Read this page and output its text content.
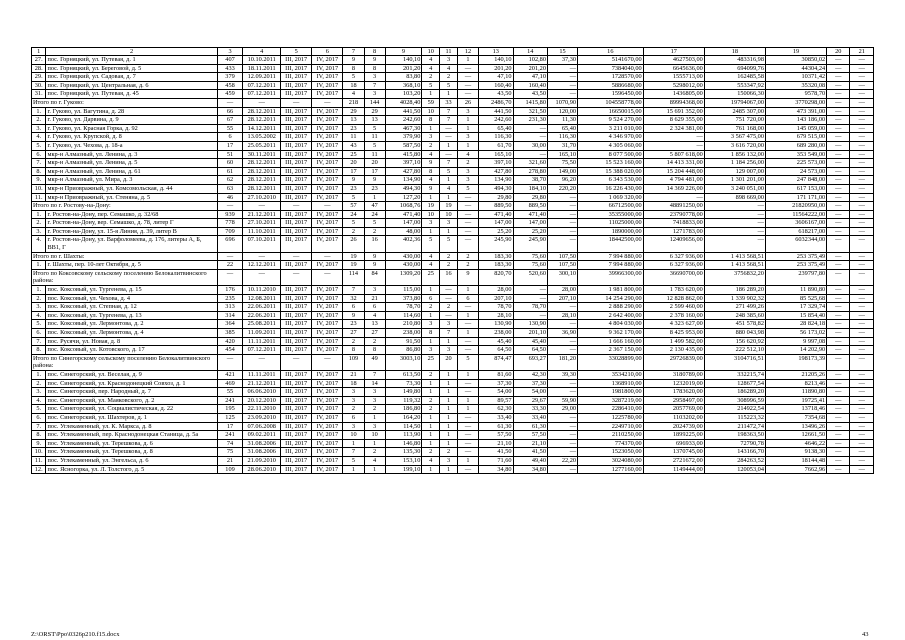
1	2	3	4	5	6	7	8	9	10	11	12	13	14	15	16	17	18	19	20	21
27.	пос. Горняцкий, ул. Путевая, д. 1	407	10.10.2011	III, 2017	IV, 2017	9	9	140,10	4	3	1	140,10	102,80	37,30	5141670,00	4627503,00	483316,98	30850,02	—	—
28.	пос. Горняцкий, ул. Береговой, д. 5	433	18.11.2011	III, 2017	IV, 2017	8	8	201,20	4	4	—	201,20	201,20	—	7384040,00	6645636,00	694099,76	44304,24	—	—
29.	пос. Горняцкий, ул. Садовая, д. 7	379	12.09.2011	III, 2017	IV, 2017	5	3	83,80	2	2	—	47,10	47,10	—	1728570,00	1555713,00	162485,58	10371,42	—	—
30.	пос. Горняцкий, ул. Центральная, д. 6	458	07.12.2011	III, 2017	IV, 2017	18	7	368,10	5	5	—	160,40	160,40	—	5886680,00	5298012,00	553347,92	35320,08	—	—
31.	пос. Горняцкий, ул. Путевая, д. 45	459	07.12.2011	III, 2017	IV, 2017	4	3	103,20	1	1	—	43,50	43,50	—	1596450,00	1436805,00	150066,30	9578,70	—	—
Итого по г. Гуково:		—	—	—	—	218	144	4028,40	59	33	26	2486,70	1415,80	1070,90	104558778,00	89994368,00	19794067,00	3770298,00	—	—
1.	г. Гуково, ул. Вагутина, д. 28	66	28.12.2011	III, 2017	IV, 2017	29	29	441,50	10	7	3	441,50	321,50	120,00	16650015,00	15 691 352,00	2485 307,00	473 391,00	—	—
2.	г. Гуково, ул. Дарвина, д. 9	67	28.12.2011	III, 2017	IV, 2017	13	13	242,60	8	7	1	242,60	231,30	11,30	9 524 270,00	8 629 355,00	751 720,00	143 186,00	—	—
3.	г. Гуково, ул. Красная Горка, д. 92	55	14.12.2011	III, 2017	IV, 2017	23	5	467,30	1	—	1	65,40	—	65,40	3 211 010,00	2 324 381,00	761 168,00	145 059,00	—	—
4.	г. Гуково, ул. Крупской, д. 8	6	13.05.2002	III, 2017	IV, 2017	11	11	379,90	3	—	3	116,30	—	116,30	4 346 970,00	—	3 567 475,00	679 515,00	—	—
5.	г. Гуково, ул. Чехова, д. 18-а	17	25.05.2011	III, 2017	IV, 2017	43	5	587,50	2	1	1	61,70	30,00	31,70	4 305 060,00	—	3 616 720,00	689 280,00	—	—
6.	мкр-н Алмазный, ул. Ленина, д. 3	51	30.11.2011	III, 2017	IV, 2017	25	11	415,80	4	—	4	165,10	—	165,10	8 077 500,00	5 807 618,00	1 856 132,00	353 549,00	—	—
7.	мкр-н Алмазный, ул. Ленина, д. 5	60	28.12.2011	III, 2017	IV, 2017	20	20	397,10	9	7	2	397,10	321,60	75,50	15 523 160,00	14 413 331,00	1 184 256,00	225 573,00	—	—
8.	мкр-н Алмазный, ул. Ленина, д. 61	61	28.12.2011	III, 2017	IV, 2017	17	17	427,80	8	5	3	427,80	278,80	149,00	15 388 020,00	15 204 448,00	129 007,00	24 573,00	—	—
9.	мкр-н Алмазный, ул. Мира, д. 3	62	28.12.2011	III, 2017	IV, 2017	9	9	134,90	4	1	3	134,90	38,70	96,20	6 343 530,00	4 794 481,00	1 301 201,00	247 848,00	—	—
10.	мкр-н Приовражный, ул. Комсомольская, д. 44	63	28.12.2011	III, 2017	IV, 2017	23	23	494,30	9	4	5	494,30	184,10	220,20	16 226 430,00	14 369 226,00	3 240 051,00	617 153,00	—	—
11.	мкр-н Приовражный, ул. Стеняна, д. 5	46	27.10.2010	III, 2017	IV, 2017	5	1	127,20	1	1	—	29,80	29,80	—	1 069 320,00	—	898 669,00	171 171,00	—	—
Итого по г. Ростову-на-Дону:		—	—	—	—	57	47	1068,76	19	19	—	889,50	889,50	—	66712500,00	48891250,00	—	21820950,00	—	—
1.	г. Ростов-на-Дону, пер. Семашко, д. 32/68	939	21.12.2011	III, 2017	IV, 2017	24	24	471,40	10	10	—	471,40	471,40	—	35355000,00	23790778,00	—	11564222,00	—	—
2.	г. Ростов-на-Дону, вер. Семашко, д. 78, литер Г	778	27.10.2011	III, 2017	IV, 2017	5	5	147,00	3	3	—	147,00	147,00	—	11025000,00	7418833,00	—	3606167,00	—	—
3.	г. Ростов-на-Дону, ул. 15-я Линия, д. 39, литер В	709	11.10.2011	III, 2017	IV, 2017	2	2	48,00	1	1	—	25,20	25,20	—	1890000,00	1271783,00	—	618217,00	—	—
4.	г. Ростов-на-Дону, ул. Варфоломеева, д. 176, литеры А, Б, ВВ1, Г	696	07.10.2011	III, 2017	IV, 2017	26	16	402,36	5	5	—	245,90	245,90	—	18442500,00	12409656,00	—	6032344,00	—	—
Итого по г. Шахты:		—	—	—	—	19	9	430,00	4	2	2	183,30	75,60	107,50	7 994 880,00	6 327 936,00	1 413 568,51	253 375,49	—	—
1.	г. Шахты, пер. 10-лет Октября, д. 5	22	12.12.2011	III, 2017	IV, 2017	19	9	430,00	4	2	2	183,30	75,60	107,50	7 994 880,00	6 327 936,00	1 413 568,51	253 375,49	—	—
Итого по Коксовскому сельскому поселению Белокалитвинского района:		—	—	—	—	114	84	1309,20	25	16	9	820,70	520,60	300,10	39966300,00	36690700,00	3756832,20	239797,80	—	—
1.	пос. Коксовый, ул. Тургенева, д. 15	176	10.11.2010	III, 2017	IV, 2017	7	3	115,00	1	—	1	28,00	—	28,00	1 981 800,00	1 783 620,00	186 289,20	11 890,80	—	—
2.	пос. Коксовый, ул. Чехова, д. 4	235	12.08.2011	III, 2017	IV, 2017	32	21	373,80	6	—	6	207,10	—	207,10	14 254 290,00	12 828 862,00	1 339 902,32	85 525,68	—	—
3.	пос. Коксовый, ул. Степная, д. 12	313	22.06.2011	III, 2017	IV, 2017	6	6	78,70	2	2	—	78,70	78,70	—	2 888 290,00	2 599 460,00	271 499,26	17 329,74	—	—
4.	пос. Коксовый, ул. Тургенева, д. 13	314	22.06.2011	III, 2017	IV, 2017	9	4	114,60	1	—	1	28,10	—	28,10	2 642 400,00	2 378 160,00	248 385,60	15 854,40	—	—
5.	пос. Коксовый, ул. Лермонтова, д. 2	364	25.08.2011	III, 2017	IV, 2017	23	13	210,80	3	3	—	130,90	130,90	—	4 804 030,00	4 323 627,00	451 578,82	28 824,18	—	—
6.	пос. Коксовый, ул. Лермонтова, д. 4	385	11.09.2011	III, 2017	IV, 2017	27	27	238,00	8	7	1	238,00	201,10	36,90	9 362 170,00	8 425 953,00	880 043,98	56 173,02	—	—
7.	пос. Русячи, ул. Новая, д. 8	420	11.11.2011	III, 2017	IV, 2017	2	2	91,50	1	1	—	45,40	45,40	—	1 666 160,00	1 499 582,00	156 620,92	9 997,08	—	—
8.	пос. Коксовый, ул. Котовского, д. 17	454	07.12.2011	III, 2017	IV, 2017	8	8	86,80	3	3	—	64,50	64,50	—	2 367 150,00	2 130 435,00	222 512,10	14 202,90	—	—
Итого по Синегорскому сельскому поселению Белокалитвинского района:		—	—	—	—	109	49	3003,10	25	20	5	874,47	693,27	181,20	33028899,00	29726839,00	3104716,51	198173,39	—	—
1.	пос. Синегорский, ул. Веселая, д. 9	421	11.11.2011	III, 2017	IV, 2017	21	7	613,50	2	1	1	81,60	42,30	39,30	3534210,00	3180789,00	332215,74	21205,26	—	—
2.	пос. Синегорский, ул. Краснодонецкий Совхоз, д. 1	469	21.12.2011	III, 2017	IV, 2017	18	14	73,30	1	1	—	37,30	37,30	—	1368910,00	1232019,00	128677,54	8213,46	—	—
3.	пос. Синегорский, пер. Народный, д. 7	55	06.06.2010	III, 2017	IV, 2017	3	3	149,80	1	1	—	54,00	54,00	—	1981800,00	1783620,00	186289,20	11890,80	—	—
4.	пос. Синегорский, ул. Маяковского, д. 2	241	20.12.2010	III, 2017	IV, 2017	3	3	119,32	2	1	1	89,57	29,67	59,90	3287219,00	2958497,00	308996,59	19725,41	—	—
5.	пос. Синегорский, ул. Социалистическая, д. 22	195	22.11.2010	III, 2017	IV, 2017	2	2	186,80	2	1	1	62,30	33,30	29,00	2286410,00	2057769,00	214922,54	13718,46	—	—
6.	пос. Синегорский, ул. Шахтеров, д. 1	125	23.09.2010	III, 2017	IV, 2017	6	1	164,20	1	1	—	33,40	33,40	—	1225780,00	1103202,00	115223,32	7354,68	—	—
7.	пос. Углекаменный, ул. К. Маркса, д. 8	17	07.06.2008	III, 2017	IV, 2017	3	3	114,50	1	1	—	61,30	61,30	—	2249710,00	2024739,00	211472,74	13496,26	—	—
8.	пос. Углекаменный, пер. Краснодонецкая Станица, д. 5а	241	09.02.2011	III, 2017	IV, 2017	10	10	113,90	1	1	—	57,50	57,50	—	2110250,00	1899225,00	198363,50	12661,50	—	—
9.	пос. Углекаменный, ул. Терешкова, д. 6	74	31.08.2006	III, 2017	IV, 2017	1	1	146,80	1	1	—	21,10	21,10	—	774370,00	696933,00	72790,78	4646,22	—	—
10.	пос. Углекаменный, ул. Терешкова, д. 8	75	31.08.2006	III, 2017	IV, 2017	7	2	135,30	2	2	—	41,50	41,50	—	1523050,00	1370745,00	143166,70	9138,30	—	—
11.	пос. Углекаменный, ул. Энгельса, д. 6	21	21.09.2010	III, 2017	IV, 2017	5	4	153,10	4	3	1	71,60	49,40	22,20	3024080,00	2721672,00	284263,52	18144,48	—	—
12.	пос. Ясногорка, ул. Л. Толстого, д. 5	109	28.06.2010	III, 2017	IV, 2017	1	1	199,10	1	1	—	34,80	34,80	—	1277160,00	1149444,00	120053,04	7662,96	—	—
Z:\ORST\Ppo\0326p210.f15.docx	43
